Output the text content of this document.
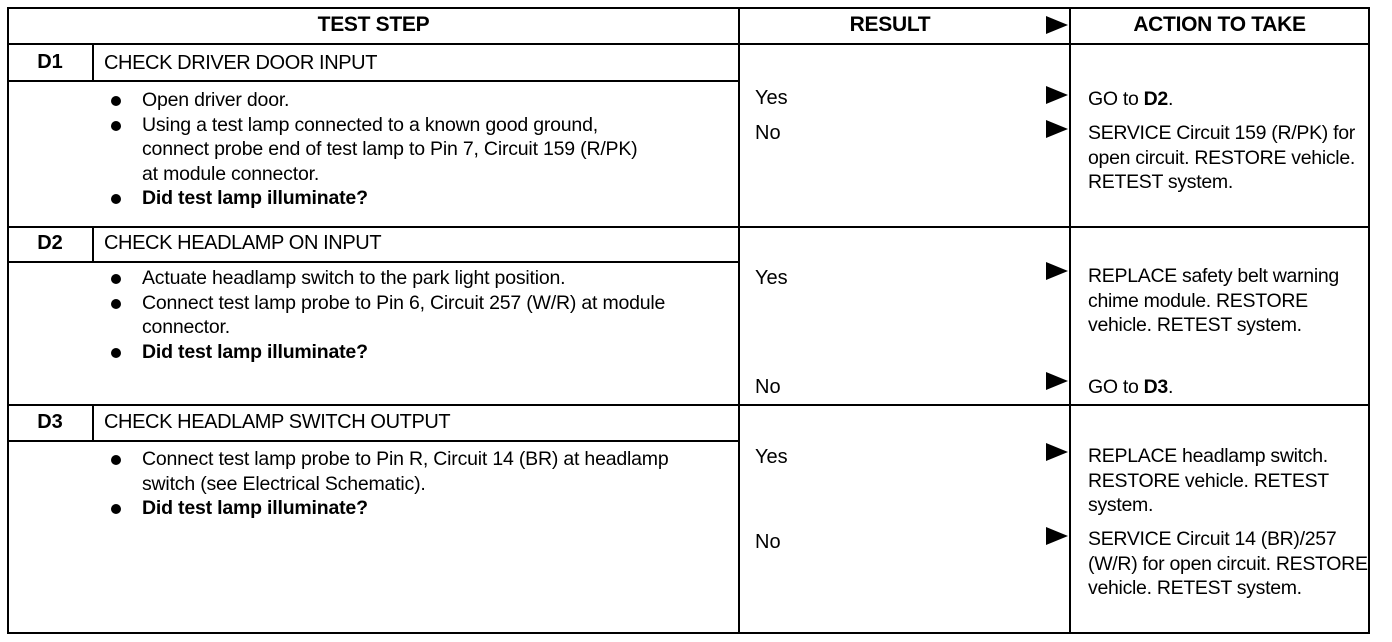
TEST STEP	RESULT	ACTION TO TAKE
D1	CHECK DRIVER DOOR INPUT
Open driver door.
Using a test lamp connected to a known good ground, connect probe end of test lamp to Pin 7, Circuit 159 (R/PK) at module connector.
Did test lamp illuminate?
Yes	GO to D2.
No	SERVICE Circuit 159 (R/PK) for open circuit. RESTORE vehicle. RETEST system.
D2	CHECK HEADLAMP ON INPUT
Actuate headlamp switch to the park light position.
Connect test lamp probe to Pin 6, Circuit 257 (W/R) at module connector.
Did test lamp illuminate?
Yes	REPLACE safety belt warning chime module. RESTORE vehicle. RETEST system.
No	GO to D3.
D3	CHECK HEADLAMP SWITCH OUTPUT
Connect test lamp probe to Pin R, Circuit 14 (BR) at headlamp switch (see Electrical Schematic).
Did test lamp illuminate?
Yes	REPLACE headlamp switch. RESTORE vehicle. RETEST system.
No	SERVICE Circuit 14 (BR)/257 (W/R) for open circuit. RESTORE vehicle. RETEST system.
